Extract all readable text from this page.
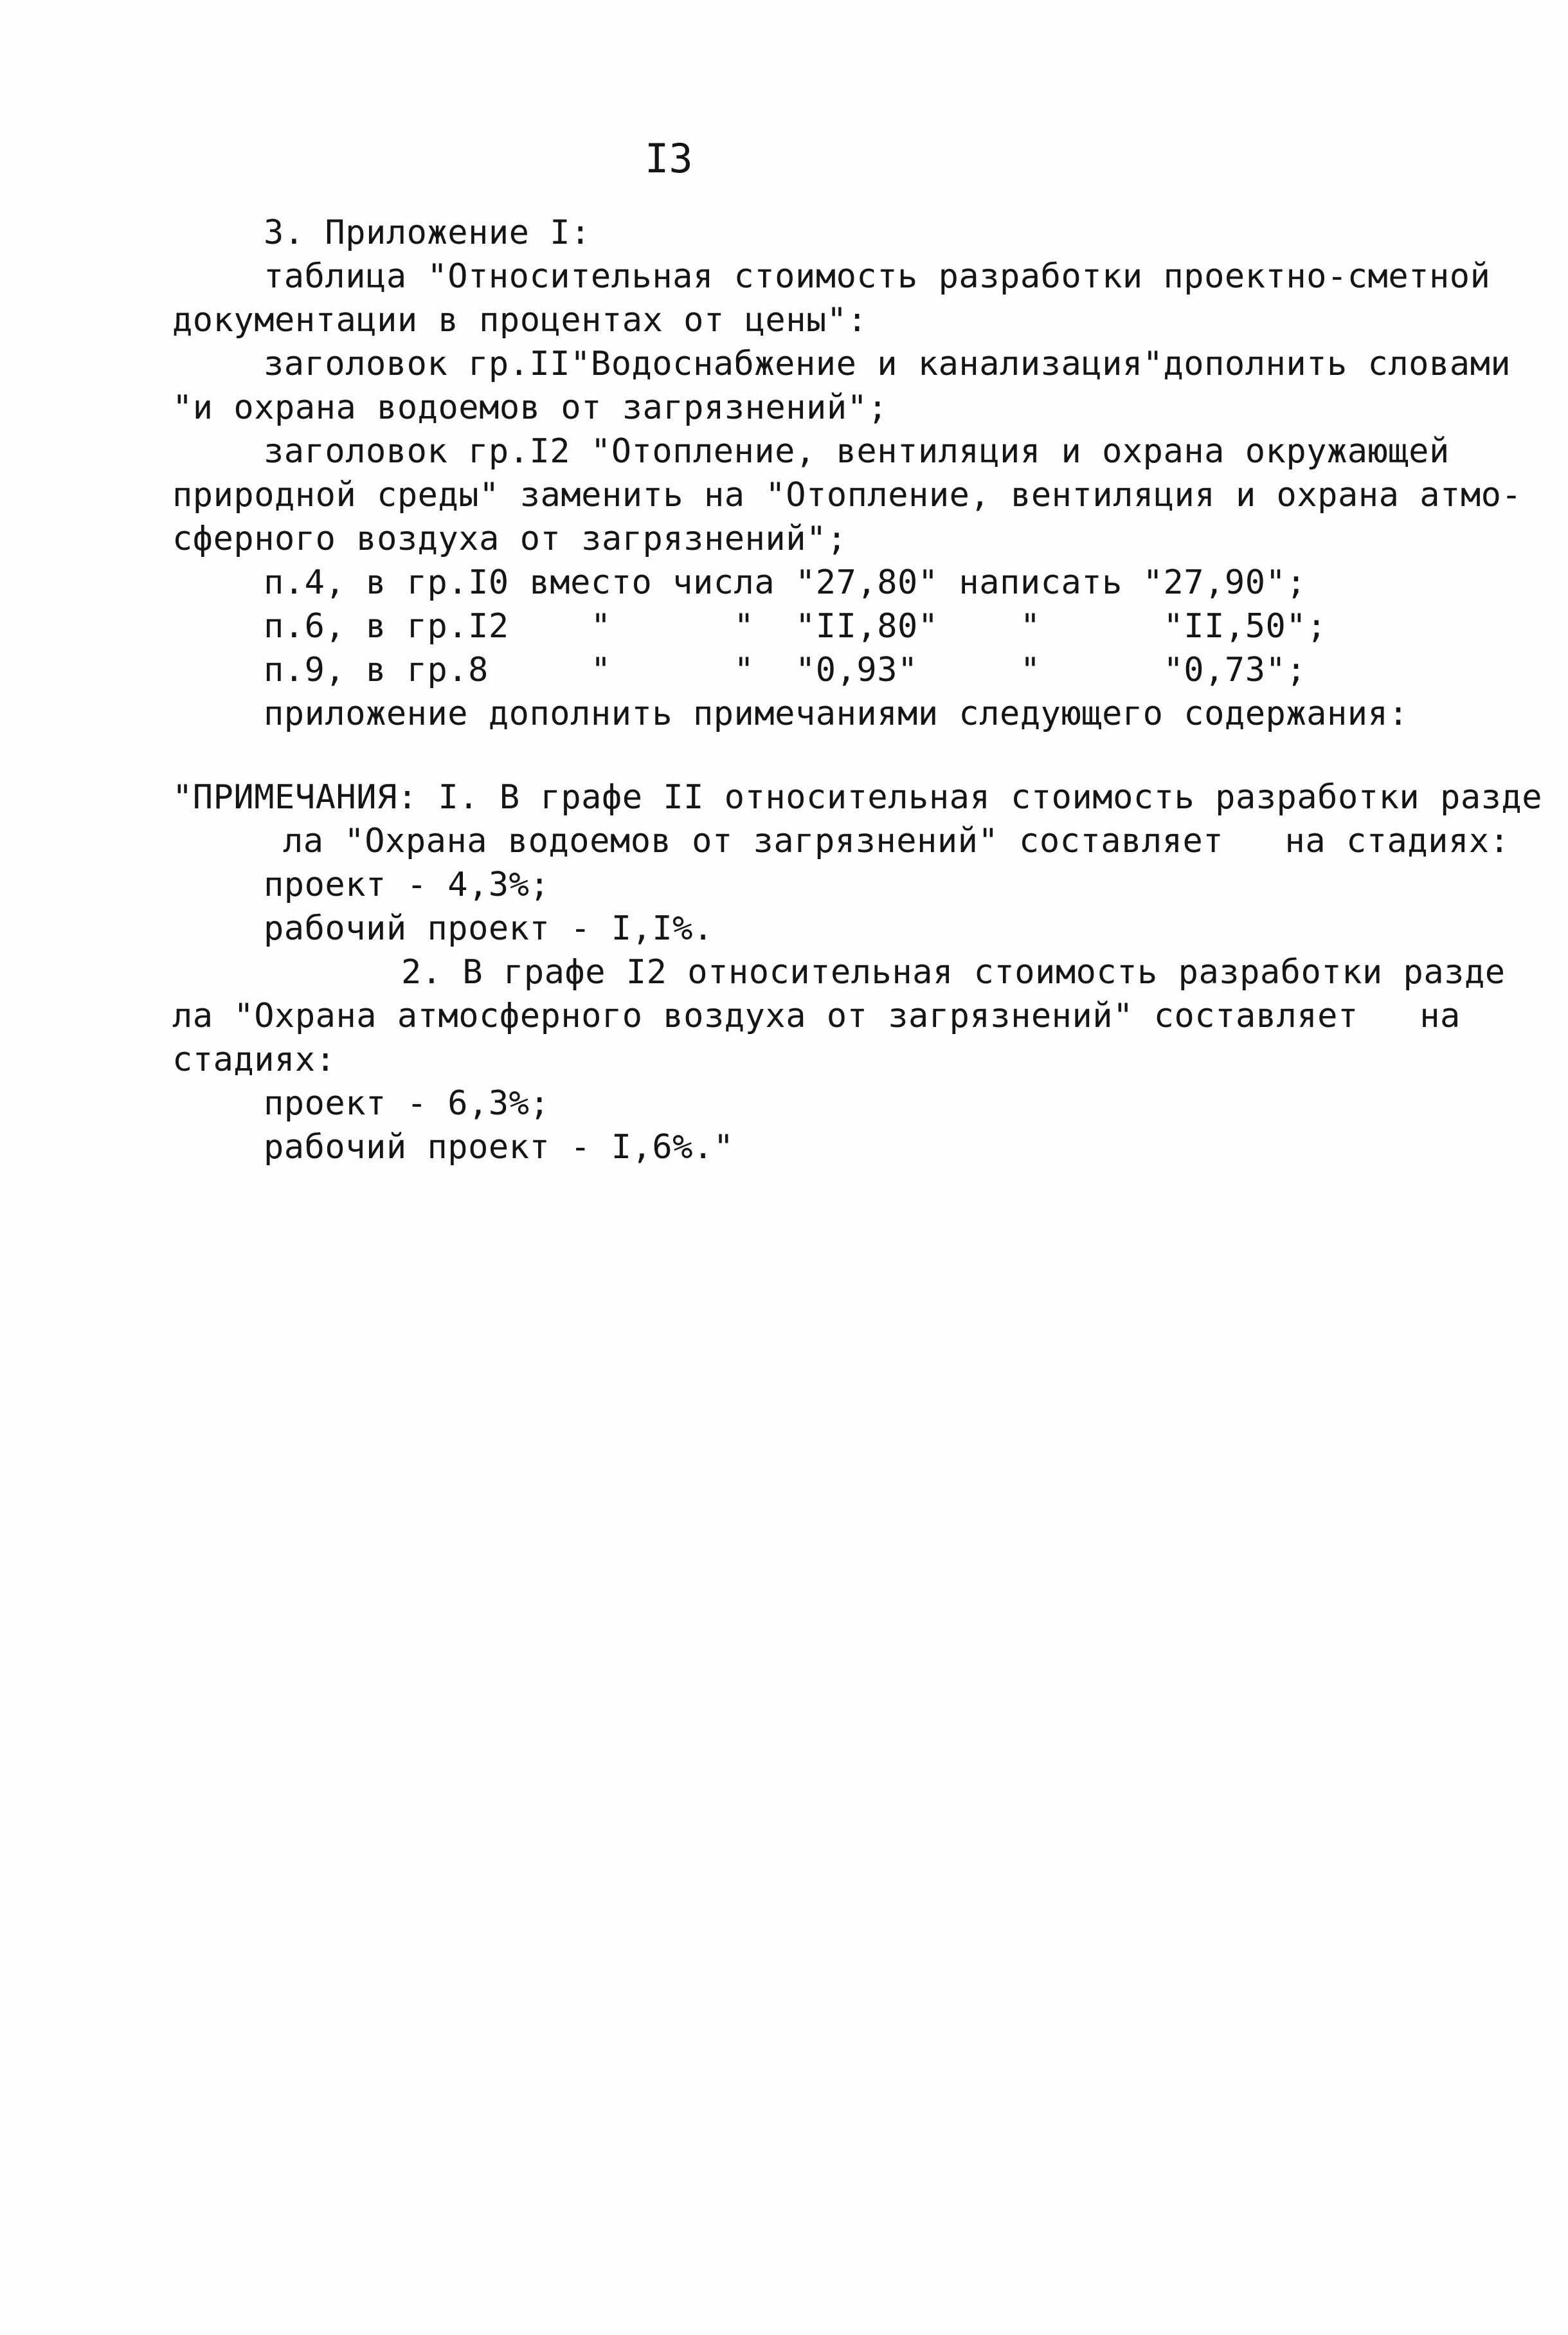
I3
3. Приложение I:
таблица "Относительная стоимость разработки проектно-сметной
документации в процентах от цены":
заголовок гр.II"Водоснабжение и канализация"дополнить словами
"и охрана водоемов от загрязнений";
заголовок гр.I2 "Отопление, вентиляция и охрана окружающей
природной среды" заменить на "Отопление, вентиляция и охрана атмо-
сферного воздуха от загрязнений";
п.4, в гр.I0 вместо числа "27,80" написать "27,90";
п.6, в гр.I2    "      "  "II,80"    "      "II,50";
п.9, в гр.8     "      "  "0,93"     "      "0,73";
приложение дополнить примечаниями следующего содержания:
"ПРИМЕЧАНИЯ: I. В графе II относительная стоимость разработки разде
ла "Охрана водоемов от загрязнений" составляет   на стадиях:
проект - 4,3%;
рабочий проект - I,I%.
2. В графе I2 относительная стоимость разработки разде
ла "Охрана атмосферного воздуха от загрязнений" составляет   на
стадиях:
проект - 6,3%;
рабочий проект - I,6%."
